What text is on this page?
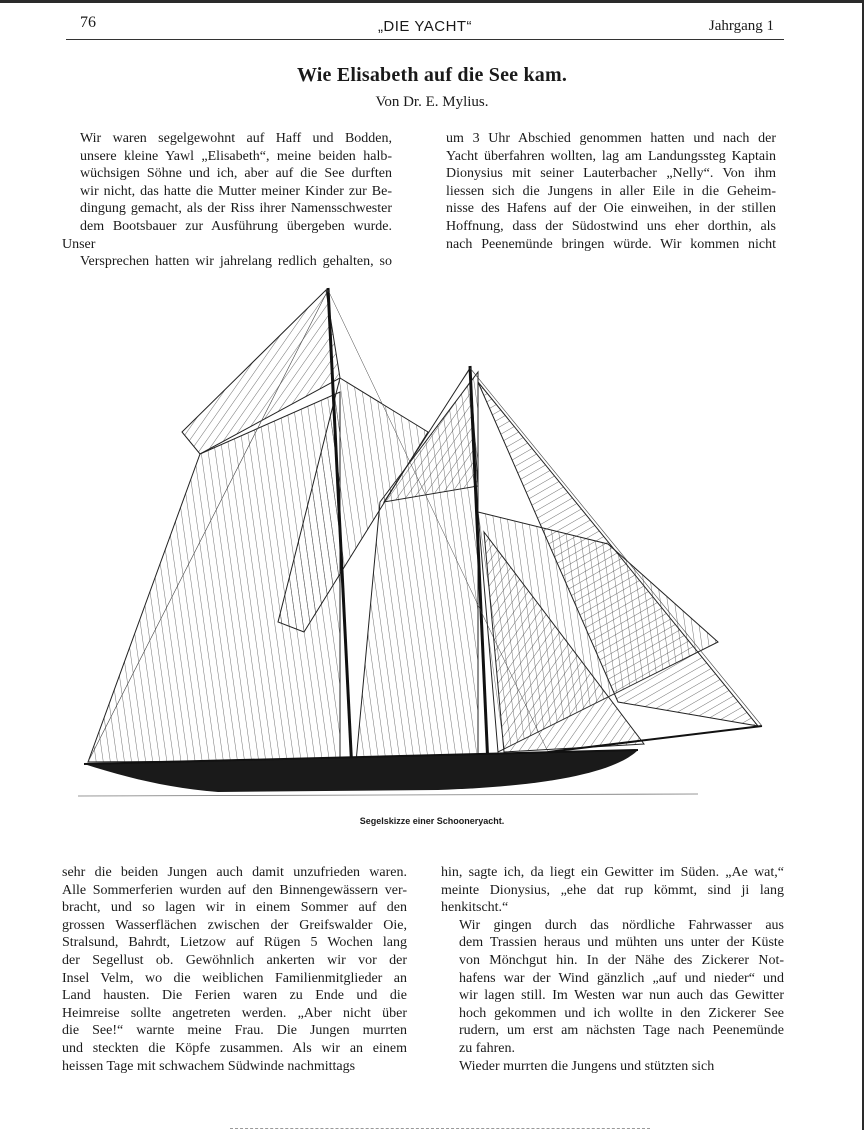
76	„DIE YACHT“	Jahrgang 1
Wie Elisabeth auf die See kam.
Von Dr. E. Mylius.

Wir waren segelgewohnt auf Haff und Bodden,
unsere kleine Yawl „Elisabeth“, meine beiden halb-
wüchsigen Söhne und ich, aber auf die See durften
wir nicht, das hatte die Mutter meiner Kinder zur Be-
dingung gemacht, als der Riss ihrer Namensschwester
dem Bootsbauer zur Ausführung übergeben wurde. Unser
Versprechen hatten wir jahrelang redlich gehalten, so

um 3 Uhr Abschied genommen hatten und nach der
Yacht überfahren wollten, lag am Landungssteg Kaptain
Dionysius mit seiner Lauterbacher „Nelly“. Von ihm
liessen sich die Jungens in aller Eile in die Geheim-
nisse des Hafens auf der Oie einweihen, in der stillen
Hoffnung, dass der Südostwind uns eher dorthin, als
nach Peenemünde bringen würde. Wir kommen nicht

Segelskizze einer Schooneryacht.

sehr die beiden Jungen auch damit unzufrieden waren.
Alle Sommerferien wurden auf den Binnengewässern ver-
bracht, und so lagen wir in einem Sommer auf den
grossen Wasserflächen zwischen der Greifswalder Oie,
Stralsund, Bahrdt, Lietzow auf Rügen 5 Wochen lang
der Segellust ob. Gewöhnlich ankerten wir vor der
Insel Velm, wo die weiblichen Familienmitglieder an
Land hausten. Die Ferien waren zu Ende und die
Heimreise sollte angetreten werden. „Aber nicht über
die See!“ warnte meine Frau. Die Jungen murrten
und steckten die Köpfe zusammen. Als wir an einem
heissen Tage mit schwachem Südwinde nachmittags

hin, sagte ich, da liegt ein Gewitter im Süden. „Ae wat,“
meinte Dionysius, „ehe dat rup kömmt, sind ji lang
henkitscht.“

Wir gingen durch das nördliche Fahrwasser aus
dem Trassien heraus und mühten uns unter der Küste
von Mönchgut hin. In der Nähe des Zickerer Not-
hafens war der Wind gänzlich „auf und nieder“ und
wir lagen still. Im Westen war nun auch das Gewitter
hoch gekommen und ich wollte in den Zickerer See
rudern, um erst am nächsten Tage nach Peenemünde
zu fahren.

Wieder murrten die Jungens und stützten sich
